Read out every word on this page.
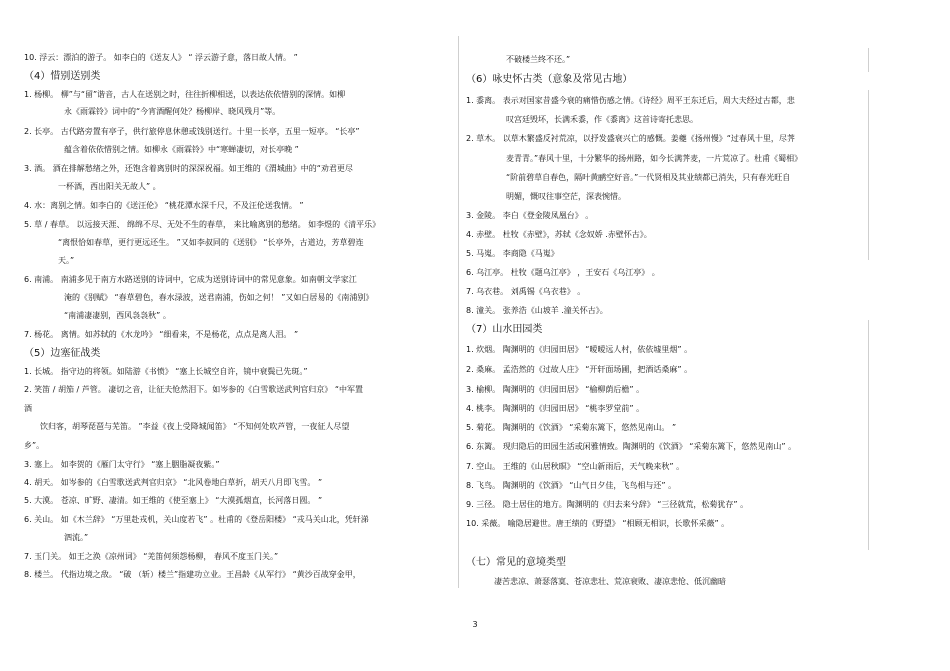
10. 浮云：漂泊的游子。 如李白的《送友人》 “ 浮云游子意，落日故人情。 ”
（4）惜别送别类
1. 杨柳。 柳”与“留”谐音，古人在送别之时，往往折柳相送，以表达依依惜别的深情。如柳
永《雨霖铃》词中的“今宵酒醒何处？杨柳岸、晓风残月”等。
2. 长亭。 古代路旁置有亭子，供行旅停息休憩或饯别送行。十里一长亭，五里一短亭。 “长亭”
蕴含着依依惜别之情。如柳永《雨霖铃》中“寒蝉凄切，对长亭晚 ”
3. 酒。 酒在排解愁绪之外，还饱含着离别时的深深祝福。如王维的《渭城曲》中的“劝君更尽
一杯酒，西出阳关无故人” 。
4. 水：离别之情。如李白的《送汪伦》 “桃花潭水深千尺，不及汪伦送我情。 ”
5. 草 / 春草。 以远接天涯、 绵绵不尽、无处不生的春草， 来比喻离别的愁绪。 如李煜的《清平乐》
“离恨恰如春草，更行更远还生。 ”又如李叔同的《送别》 “长亭外，古道边，芳草碧连
天。”
6. 南浦。 南浦多见于南方水路送别的诗词中，它成为送别诗词中的常见意象。如南朝文学家江
淹的《别赋》 “春草碧色，春水渌波，送君南浦，伤如之何！ ”又如白居易的《南浦别》
“南浦凄凄别，西风袅袅秋” 。
7. 杨花。 离情。如苏轼的《水龙吟》 “细看来，不是杨花，点点是离人泪。 ”
（5）边塞征战类
1. 长城。 指守边的将领。如陆游《书愤》 “塞上长城空自许，镜中衰鬓已先斑。”
2. 笑笛 / 胡笳 / 芦管。 凄切之音，让征夫怆然泪下。如岑参的《白雪歌送武判官归京》 “中军置
酒
饮归客，胡琴琵琶与芜笛。 ”李益《夜上受降城闻笛》 “不知何处吹芦管，一夜征人尽望
乡”。
3. 塞上。 如李贺的《雁门太守行》 “塞上胭脂凝夜紫。”
4. 胡天。 如岑参的《白雪歌送武判官归京》 “北风卷地白草折，胡天八月即飞雪。 ”
5. 大漠。 苍凉、旷野、凄清。如王维的《使至塞上》 “大漠孤烟直，长河落日圆。 ”
6. 关山。 如《木兰辞》 “万里赴戎机，关山度若飞” 。杜甫的《登岳阳楼》 “戎马关山北，凭轩涕
泗流。”
7. 玉门关。 如王之涣《凉州词》 “羌笛何须怨杨柳， 春风不度玉门关。”
8. 楼兰。 代指边境之敌。 “破 （斩）楼兰”指建功立业。王昌龄《从军行》 “黄沙百战穿金甲，
不破楼兰终不还。”
（6）咏史怀古类（意象及常见古地）
1. 黍离。 表示对国家昔盛今衰的痛惜伤感之情。《诗经》周平王东迁后，周大夫经过古都，悲
叹宫廷毁坏，长满禾黍，作《黍离》这首诗寄托悲思。
2. 草木。 以草木繁盛反衬荒凉，以抒发盛衰兴亡的感慨。姜夔《扬州慢》“过春风十里，尽荠
麦青青。”春风十里，十分繁华的扬州路，如今长满荠麦，一片荒凉了。杜甫《蜀相》
“阶前碧草自春色，隔叶黄鹂空好音。”一代贤相及其业绩都已消失，只有春光旺自
明媚，慨叹往事空茫，深表惋惜。
3. 金陵。 李白《登金陵凤凰台》 。
4. 赤壁。 杜牧《赤壁》，苏轼《念奴娇 .赤壁怀古》。
5. 马嵬。 李商隐《马嵬》
6. 乌江亭。 杜牧《题乌江亭》 ，王安石《乌江亭》 。
7. 乌衣巷。 刘禹锡《乌衣巷》 。
8. 潼关。 张养浩《山坡羊 .潼关怀古》。
（7）山水田园类
1. 炊烟。 陶渊明的《归园田居》 “暧暧远人村，依依墟里烟” 。
2. 桑麻。 孟浩然的《过故人庄》 “开轩面场圃，把酒话桑麻” 。
3. 榆柳。 陶渊明的《归园田居》 “榆柳荫后檐” 。
4. 桃李。 陶渊明的《归园田居》 “桃李罗堂前” 。
5. 菊花。 陶渊明的《饮酒》 “采菊东篱下，悠然见南山。 ”
6. 东篱。 现归隐后的田园生活或闲雅情致。陶渊明的《饮酒》 “采菊东篱下，悠然见南山” 。
7. 空山。 王维的《山居秋暝》 “空山新雨后，天气晚来秋” 。
8. 飞鸟。 陶渊明的《饮酒》 “山气日夕佳，飞鸟相与还” 。
9. 三径。 隐士居住的地方。陶渊明的《归去来兮辞》 “三径就荒，松菊犹存” 。
10. 采薇。 喻隐居避世。唐王绩的《野望》 “相顾无相识，长歌怀采薇” 。
（七）常见的意境类型
凄苦悲凉、萧瑟落寞、苍凉悲壮、荒凉衰败、凄凉悲怆、低沉幽暗
3
